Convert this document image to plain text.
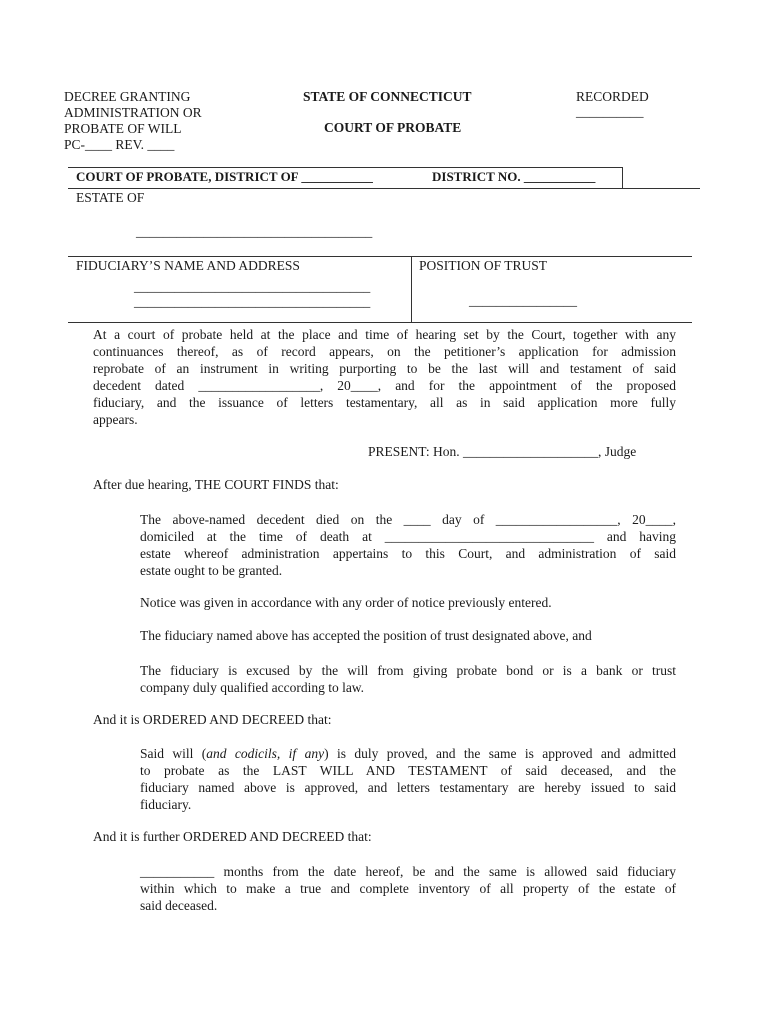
DECREE GRANTING
ADMINISTRATION OR
PROBATE OF WILL
PC-____ REV. ____
STATE OF CONNECTICUT
COURT OF PROBATE
RECORDED
__________
COURT OF PROBATE, DISTRICT OF ___________	DISTRICT NO. ___________
ESTATE OF
___________________________________
FIDUCIARY’S NAME AND ADDRESS
___________________________________
___________________________________
POSITION OF TRUST
________________
At a court of probate held at the place and time of hearing set by the Court, together with any
continuances thereof, as of record appears, on the petitioner’s application for admission
reprobate of an instrument in writing purporting to be the last will and testament of said
decedent dated __________________, 20____, and for the appointment of the proposed
fiduciary, and the issuance of letters testamentary, all as in said application more fully
appears.
PRESENT: Hon. ____________________, Judge
After due hearing, THE COURT FINDS that:
The above-named decedent died on the ____ day of __________________, 20____,
domiciled at the time of death at _______________________________ and having
estate whereof administration appertains to this Court, and administration of said
estate ought to be granted.
Notice was given in accordance with any order of notice previously entered.
The fiduciary named above has accepted the position of trust designated above, and
The fiduciary is excused by the will from giving probate bond or is a bank or trust
company duly qualified according to law.
And it is ORDERED AND DECREED that:
Said will (and codicils, if any) is duly proved, and the same is approved and admitted
to probate as the LAST WILL AND TESTAMENT of said deceased, and the
fiduciary named above is approved, and letters testamentary are hereby issued to said
fiduciary.
And it is further ORDERED AND DECREED that:
___________ months from the date hereof, be and the same is allowed said fiduciary
within which to make a true and complete inventory of all property of the estate of
said deceased.
